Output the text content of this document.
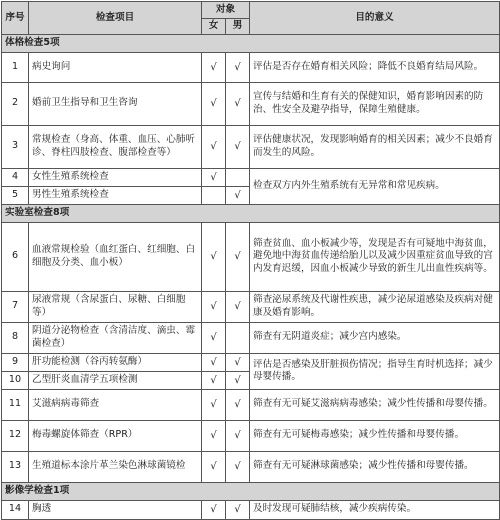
序号	检查项目	对象		目的意义
		女	男	
体格检查5项				
1	病史询问	√	√	评估是否存在婚育相关风险；降低不良婚育结局风险。
2	婚前卫生指导和卫生咨询	√	√	宣传与结婚和生育有关的保健知识，婚育影响因素的防治、性安全及避孕指导，保障生殖健康。
3	常规检查（身高、体重、血压、心肺听诊、脊柱四肢检查、腹部检查等）	√	√	评估健康状况，发现影响婚育的相关因素；减少不良婚育而发生的风险。
4	女性生殖系统检查	√		检查双方内外生殖系统有无异常和常见疾病。
5	男性生殖系统检查		√	
实验室检查8项				
6	血液常规检验（血红蛋白、红细胞、白细胞及分类、血小板）	√	√	筛查贫血、血小板减少等，发现是否有可疑地中海贫血，避免地中海贫血传递给胎儿以及减少因重症贫血导致的宫内发育迟缓，因血小板减少导致的新生儿出血性疾病等。
7	尿液常规（含尿蛋白、尿糖、白细胞等）	√	√	筛查泌尿系统及代谢性疾患，减少泌尿道感染及疾病对健康及婚育影响。
8	阴道分泌物检查（含清洁度、滴虫、霉菌检查）	√		筛查有无阴道炎症；减少宫内感染。
9	肝功能检测（谷丙转氨酶）	√	√	评估是否感染及肝脏损伤情况；指导生育时机选择；减少母婴传播。
10	乙型肝炎血清学五项检测	√	√	
11	艾滋病病毒筛查	√	√	筛查有无可疑艾滋病病毒感染；减少性传播和母婴传播。
12	梅毒螺旋体筛查（RPR）	√	√	筛查有无可疑梅毒感染；减少性传播和母婴传播。
13	生殖道标本涂片革兰染色淋球菌镜检	√	√	筛查有无可疑淋球菌感染；减少性传播和母婴传播。
影像学检查1项				
14	胸透	√	√	及时发现可疑肺结核，减少疾病传染。
